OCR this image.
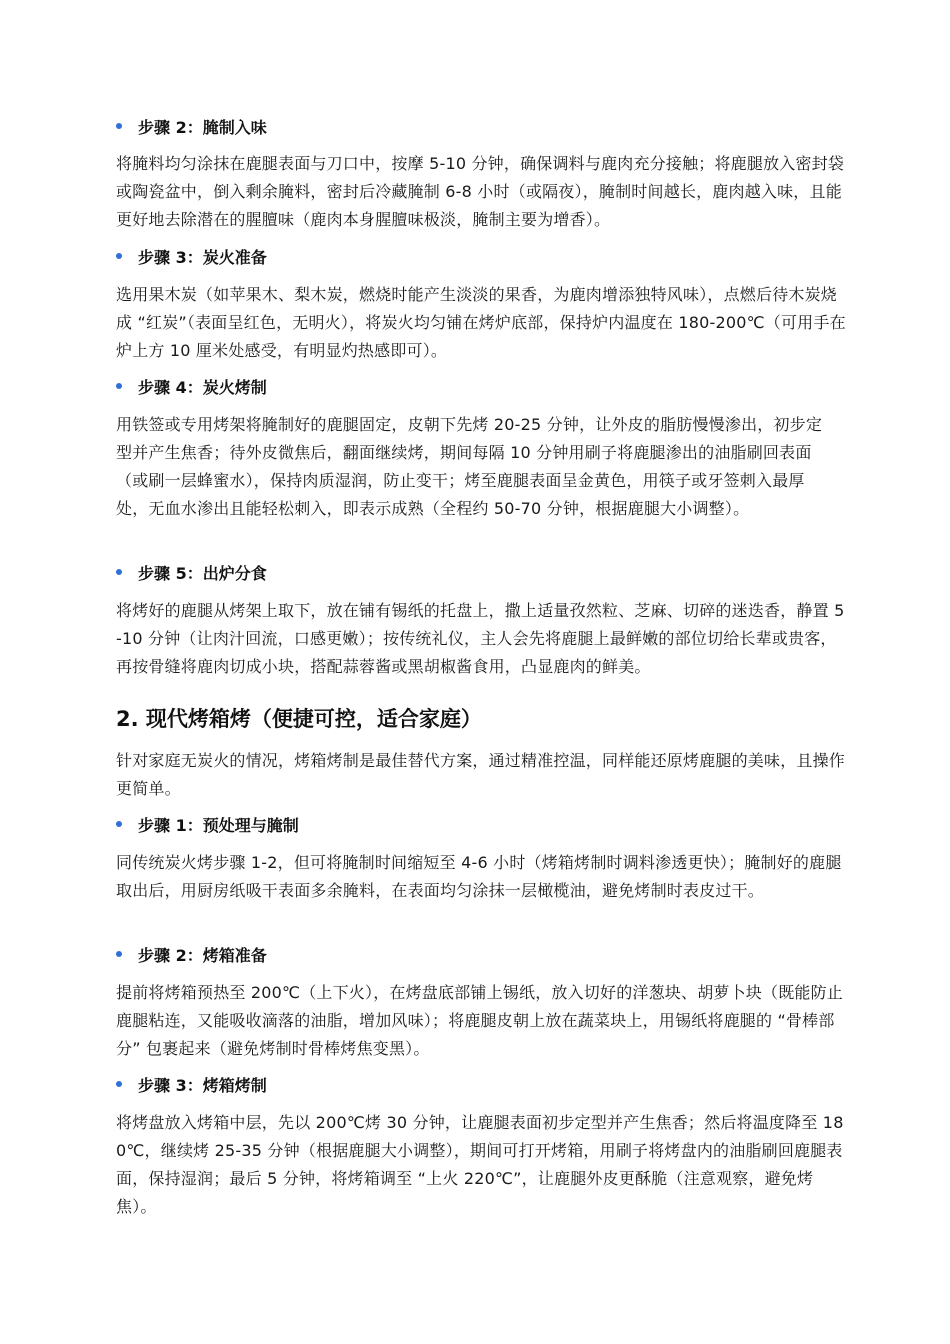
步骤 2：腌制入味
将腌料均匀涂抹在鹿腿表面与刀口中，按摩 5-10 分钟，确保调料与鹿肉充分接触；将鹿腿放入密封袋或陶瓷盆中，倒入剩余腌料，密封后冷藏腌制 6-8 小时（或隔夜），腌制时间越长，鹿肉越入味，且能更好地去除潜在的腥膻味（鹿肉本身腥膻味极淡，腌制主要为增香）。
步骤 3：炭火准备
选用果木炭（如苹果木、梨木炭，燃烧时能产生淡淡的果香，为鹿肉增添独特风味），点燃后待木炭烧成 “红炭”（表面呈红色，无明火），将炭火均匀铺在烤炉底部，保持炉内温度在 180-200℃（可用手在炉上方 10 厘米处感受，有明显灼热感即可）。
步骤 4：炭火烤制
用铁签或专用烤架将腌制好的鹿腿固定，皮朝下先烤 20-25 分钟，让外皮的脂肪慢慢渗出，初步定型并产生焦香；待外皮微焦后，翻面继续烤，期间每隔 10 分钟用刷子将鹿腿渗出的油脂刷回表面（或刷一层蜂蜜水），保持肉质湿润，防止变干；烤至鹿腿表面呈金黄色，用筷子或牙签刺入最厚处，无血水渗出且能轻松刺入，即表示成熟（全程约 50-70 分钟，根据鹿腿大小调整）。
步骤 5：出炉分食
将烤好的鹿腿从烤架上取下，放在铺有锡纸的托盘上，撒上适量孜然粒、芝麻、切碎的迷迭香，静置 5-10 分钟（让肉汁回流，口感更嫩）；按传统礼仪，主人会先将鹿腿上最鲜嫩的部位切给长辈或贵客，再按骨缝将鹿肉切成小块，搭配蒜蓉酱或黑胡椒酱食用，凸显鹿肉的鲜美。
2. 现代烤箱烤（便捷可控，适合家庭）
针对家庭无炭火的情况，烤箱烤制是最佳替代方案，通过精准控温，同样能还原烤鹿腿的美味，且操作更简单。
步骤 1：预处理与腌制
同传统炭火烤步骤 1-2，但可将腌制时间缩短至 4-6 小时（烤箱烤制时调料渗透更快）；腌制好的鹿腿取出后，用厨房纸吸干表面多余腌料，在表面均匀涂抹一层橄榄油，避免烤制时表皮过干。
步骤 2：烤箱准备
提前将烤箱预热至 200℃（上下火），在烤盘底部铺上锡纸，放入切好的洋葱块、胡萝卜块（既能防止鹿腿粘连，又能吸收滴落的油脂，增加风味）；将鹿腿皮朝上放在蔬菜块上，用锡纸将鹿腿的 “骨棒部分” 包裹起来（避免烤制时骨棒烤焦变黑）。
步骤 3：烤箱烤制
将烤盘放入烤箱中层，先以 200℃烤 30 分钟，让鹿腿表面初步定型并产生焦香；然后将温度降至 180℃，继续烤 25-35 分钟（根据鹿腿大小调整），期间可打开烤箱，用刷子将烤盘内的油脂刷回鹿腿表面，保持湿润；最后 5 分钟，将烤箱调至 “上火 220℃”，让鹿腿外皮更酥脆（注意观察，避免烤焦）。
